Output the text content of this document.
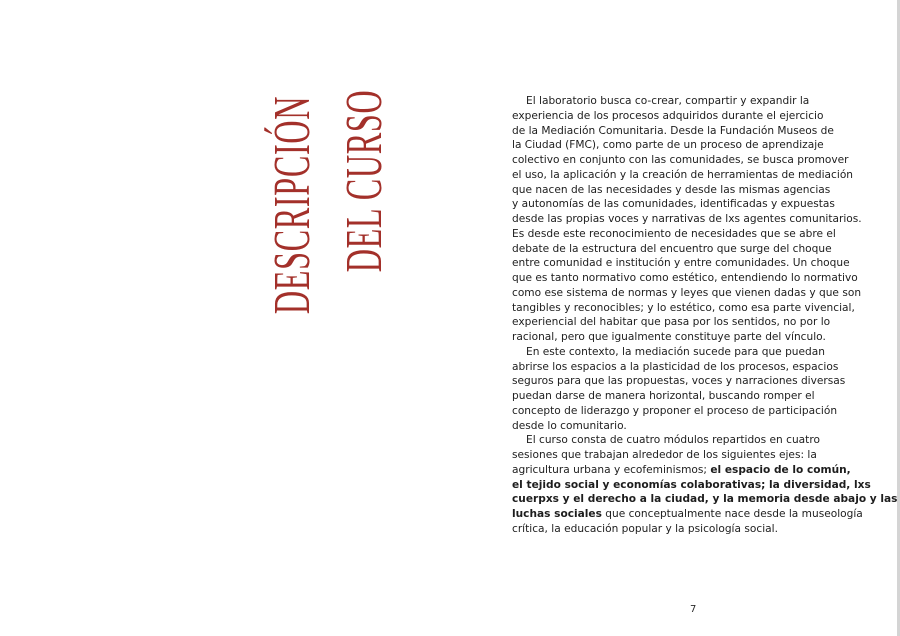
DESCRIPCIÓN DEL CURSO	El laboratorio busca co-crear, compartir y expandir la
experiencia de los procesos adquiridos durante el ejercicio
de la Mediación Comunitaria. Desde la Fundación Museos de
la Ciudad (FMC), como parte de un proceso de aprendizaje
colectivo en conjunto con las comunidades, se busca promover
el uso, la aplicación y la creación de herramientas de mediación
que nacen de las necesidades y desde las mismas agencias
y autonomías de las comunidades, identificadas y expuestas
desde las propias voces y narrativas de lxs agentes comunitarios.
Es desde este reconocimiento de necesidades que se abre el
debate de la estructura del encuentro que surge del choque
entre comunidad e institución y entre comunidades. Un choque
que es tanto normativo como estético, entendiendo lo normativo
como ese sistema de normas y leyes que vienen dadas y que son
tangibles y reconocibles; y lo estético, como esa parte vivencial,
experiencial del habitar que pasa por los sentidos, no por lo
racional, pero que igualmente constituye parte del vínculo.
En este contexto, la mediación sucede para que puedan
abrirse los espacios a la plasticidad de los procesos, espacios
seguros para que las propuestas, voces y narraciones diversas
puedan darse de manera horizontal, buscando romper el
concepto de liderazgo y proponer el proceso de participación
desde lo comunitario.
El curso consta de cuatro módulos repartidos en cuatro
sesiones que trabajan alrededor de los siguientes ejes: la
agricultura urbana y ecofeminismos; el espacio de lo común,
el tejido social y economías colaborativas; la diversidad, lxs
cuerpxs y el derecho a la ciudad, y la memoria desde abajo y las
luchas sociales que conceptualmente nace desde la museología
crítica, la educación popular y la psicología social.
7
